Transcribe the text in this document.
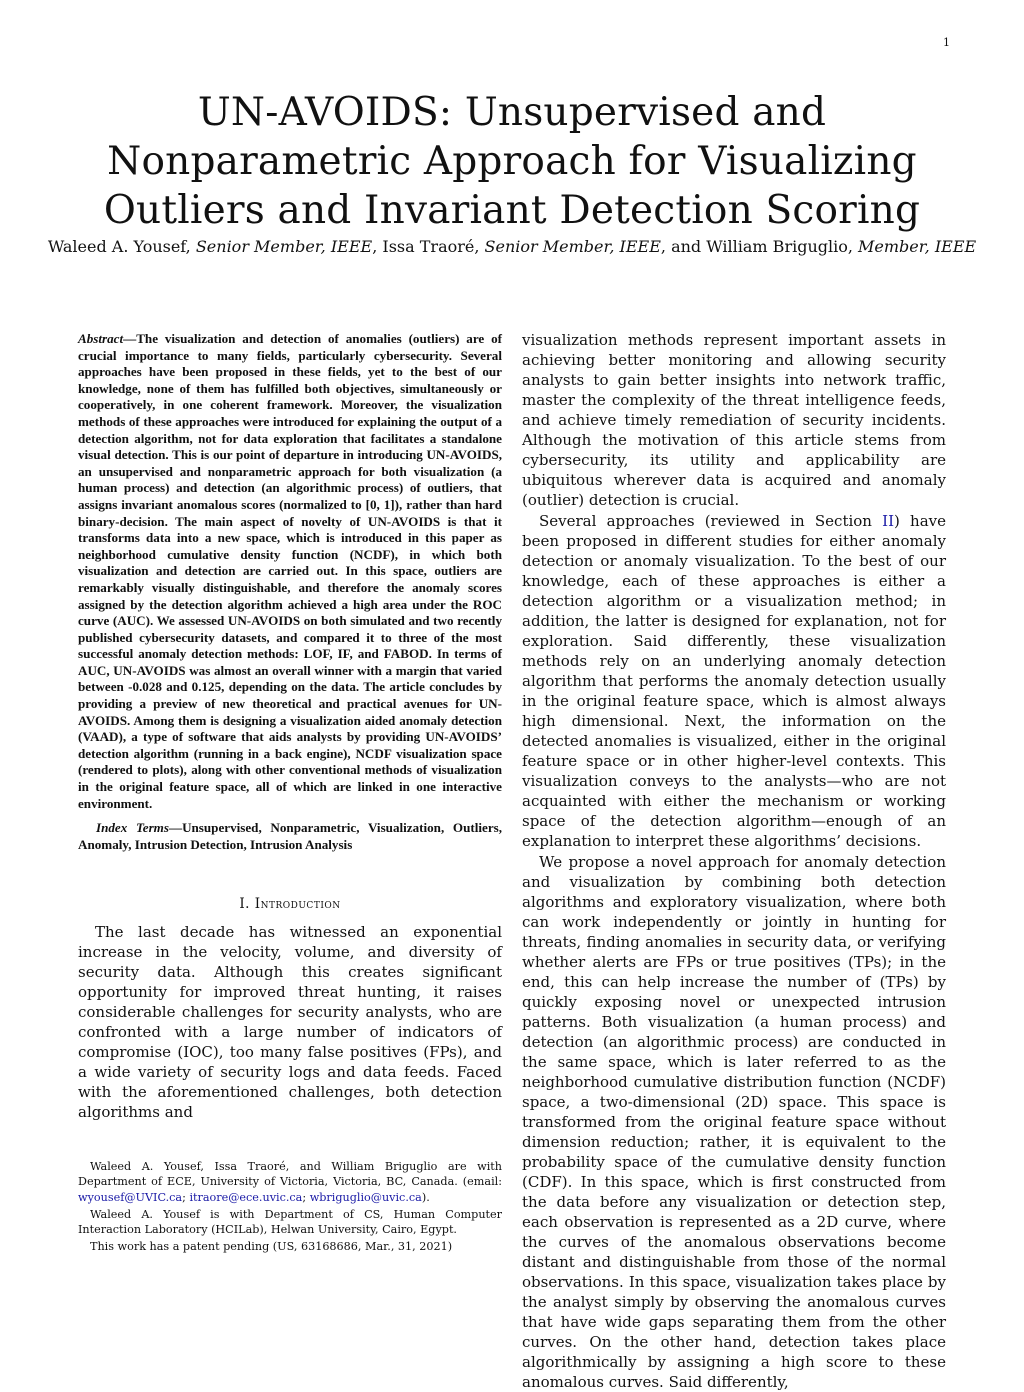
1
UN-AVOIDS: Unsupervised and Nonparametric Approach for Visualizing Outliers and Invariant Detection Scoring
Waleed A. Yousef, Senior Member, IEEE, Issa Traoré, Senior Member, IEEE, and William Briguglio, Member, IEEE

Abstract—The visualization and detection of anomalies (outliers) are of crucial importance to many fields, particularly cybersecurity. Several approaches have been proposed in these fields, yet to the best of our knowledge, none of them has fulfilled both objectives, simultaneously or cooperatively, in one coherent framework. Moreover, the visualization methods of these approaches were introduced for explaining the output of a detection algorithm, not for data exploration that facilitates a standalone visual detection. This is our point of departure in introducing UN-AVOIDS, an unsupervised and nonparametric approach for both visualization (a human process) and detection (an algorithmic process) of outliers, that assigns invariant anomalous scores (normalized to [0, 1]), rather than hard binary-decision. The main aspect of novelty of UN-AVOIDS is that it transforms data into a new space, which is introduced in this paper as neighborhood cumulative density function (NCDF), in which both visualization and detection are carried out. In this space, outliers are remarkably visually distinguishable, and therefore the anomaly scores assigned by the detection algorithm achieved a high area under the ROC curve (AUC). We assessed UN-AVOIDS on both simulated and two recently published cybersecurity datasets, and compared it to three of the most successful anomaly detection methods: LOF, IF, and FABOD. In terms of AUC, UN-AVOIDS was almost an overall winner with a margin that varied between -0.028 and 0.125, depending on the data. The article concludes by providing a preview of new theoretical and practical avenues for UN-AVOIDS. Among them is designing a visualization aided anomaly detection (VAAD), a type of software that aids analysts by providing UN-AVOIDS’ detection algorithm (running in a back engine), NCDF visualization space (rendered to plots), along with other conventional methods of visualization in the original feature space, all of which are linked in one interactive environment.

Index Terms—Unsupervised, Nonparametric, Visualization, Outliers, Anomaly, Intrusion Detection, Intrusion Analysis

I. Introduction

The last decade has witnessed an exponential increase in the velocity, volume, and diversity of security data. Although this creates significant opportunity for improved threat hunting, it raises considerable challenges for security analysts, who are confronted with a large number of indicators of compromise (IOC), too many false positives (FPs), and a wide variety of security logs and data feeds. Faced with the aforementioned challenges, both detection algorithms and

visualization methods represent important assets in achieving better monitoring and allowing security analysts to gain better insights into network traffic, master the complexity of the threat intelligence feeds, and achieve timely remediation of security incidents. Although the motivation of this article stems from cybersecurity, its utility and applicability are ubiquitous wherever data is acquired and anomaly (outlier) detection is crucial.

Several approaches (reviewed in Section II) have been proposed in different studies for either anomaly detection or anomaly visualization. To the best of our knowledge, each of these approaches is either a detection algorithm or a visualization method; in addition, the latter is designed for explanation, not for exploration. Said differently, these visualization methods rely on an underlying anomaly detection algorithm that performs the anomaly detection usually in the original feature space, which is almost always high dimensional. Next, the information on the detected anomalies is visualized, either in the original feature space or in other higher-level contexts. This visualization conveys to the analysts—who are not acquainted with either the mechanism or working space of the detection algorithm—enough of an explanation to interpret these algorithms’ decisions.

We propose a novel approach for anomaly detection and visualization by combining both detection algorithms and exploratory visualization, where both can work independently or jointly in hunting for threats, finding anomalies in security data, or verifying whether alerts are FPs or true positives (TPs); in the end, this can help increase the number of (TPs) by quickly exposing novel or unexpected intrusion patterns. Both visualization (a human process) and detection (an algorithmic process) are conducted in the same space, which is later referred to as the neighborhood cumulative distribution function (NCDF) space, a two-dimensional (2D) space. This space is transformed from the original feature space without dimension reduction; rather, it is equivalent to the probability space of the cumulative density function (CDF). In this space, which is first constructed from the data before any visualization or detection step, each observation is represented as a 2D curve, where the curves of the anomalous observations become distant and distinguishable from those of the normal observations. In this space, visualization takes place by the analyst simply by observing the anomalous curves that have wide gaps separating them from the other curves. On the other hand, detection takes place algorithmically by assigning a high score to these anomalous curves. Said differently,

Waleed A. Yousef, Issa Traoré, and William Briguglio are with Department of ECE, University of Victoria, Victoria, BC, Canada. (email: wyousef@UVIC.ca; itraore@ece.uvic.ca; wbriguglio@uvic.ca).

Waleed A. Yousef is with Department of CS, Human Computer Interaction Laboratory (HCILab), Helwan University, Cairo, Egypt.

This work has a patent pending (US, 63168686, Mar., 31, 2021)
